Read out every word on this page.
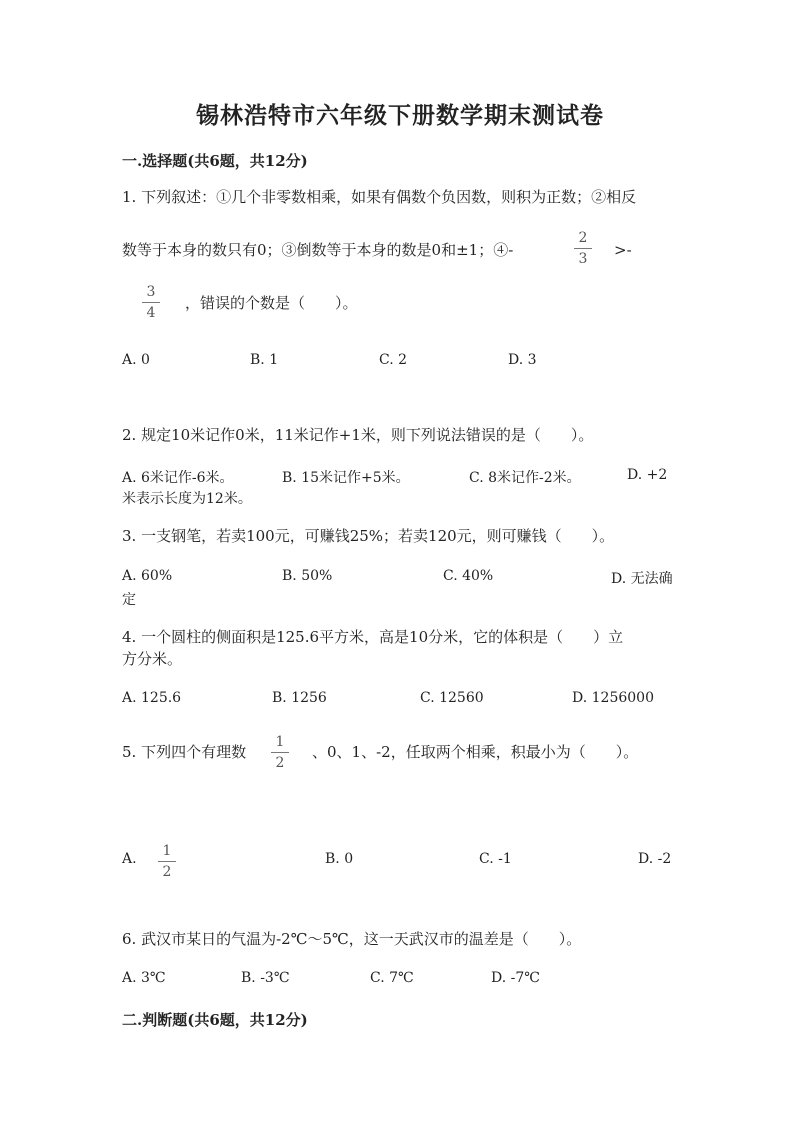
锡林浩特市六年级下册数学期末测试卷
一.选择题(共6题，共12分)
1. 下列叙述：①几个非零数相乘，如果有偶数个负因数，则积为正数；②相反
数等于本身的数只有0；③倒数等于本身的数是0和±1；④-
2
3	>-
3
4
，错误的个数是（　　）。
A. 0	B. 1	C. 2	D. 3
2. 规定10米记作0米，11米记作+1米，则下列说法错误的是（　　）。
A. 6米记作-6米。	B. 15米记作+5米。	C. 8米记作-2米。	D. +2
米表示长度为12米。
3. 一支钢笔，若卖100元，可赚钱25%；若卖120元，则可赚钱（　　）。
A. 60%	B. 50%	C. 40%	D. 无法确
定
4. 一个圆柱的侧面积是125.6平方米，高是10分米，它的体积是（　　）立
方分米。
A. 125.6	B. 1256	C. 12560	D. 1256000
5. 下列四个有理数
1
2
、0、1、-2，任取两个相乘，积最小为（　　）。
A.	1
2
B. 0	C. -1	D. -2
6. 武汉市某日的气温为-2℃～5℃，这一天武汉市的温差是（　　）。
A. 3℃	B. -3℃	C. 7℃	D. -7℃
二.判断题(共6题，共12分)
